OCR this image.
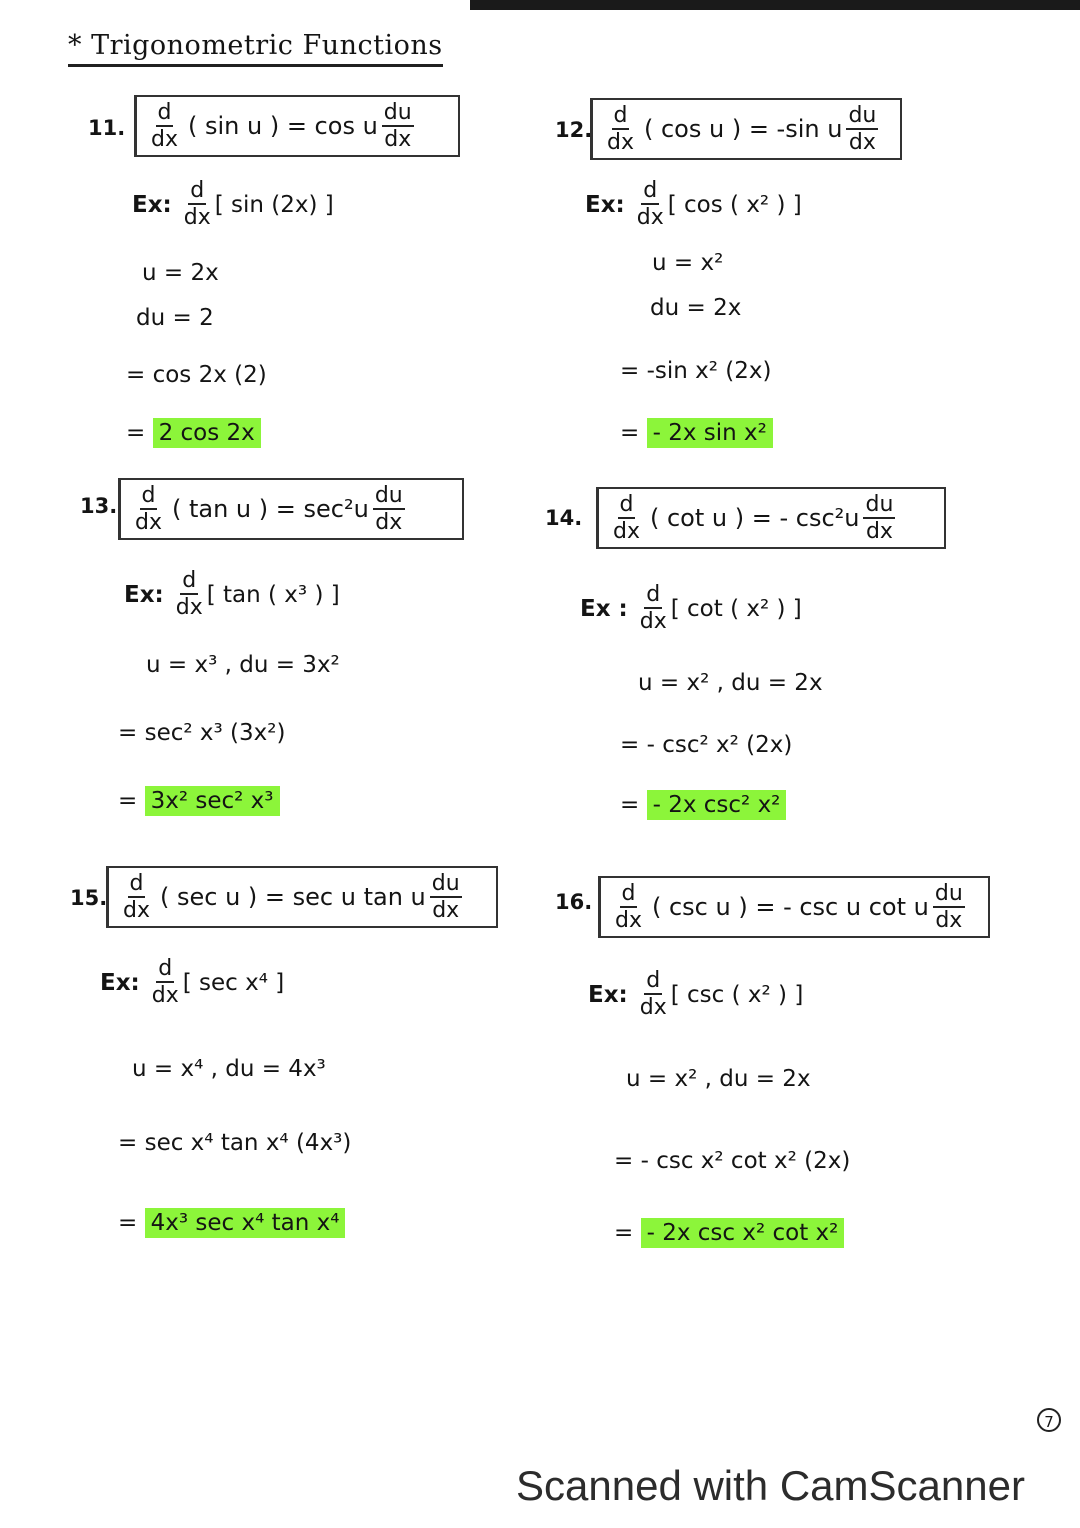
* Trigonometric Functions
11. $\frac{d}{dx}$ ( sin u ) = cos u $\frac{du}{dx}$
Ex: $\frac{d}{dx}$ [ sin (2x) ]
u = 2x
du = 2
= cos 2x (2)
= 2 cos 2x
12. $\frac{d}{dx}$ ( cos u ) = -sin u $\frac{du}{dx}$
Ex: $\frac{d}{dx}$ [ cos ( x² ) ]
u = x²
du = 2x
= -sin x² (2x)
= - 2x sin x²
13. $\frac{d}{dx}$ ( tan u ) = $\sec^2u \frac{du}{dx}$
Ex: $\frac{d}{dx}$ [ tan ( x³ ) ]
u = x³ , du = 3x²
= sec² x³ (3x²)
= 3x² sec² x³
14. $\frac{d}{dx}$ ( cot u ) = - $\csc^2u \frac{du}{dx}$
Ex : $\frac{d}{dx}$ [ cot ( x² ) ]
u = x² , du = 2x
= - csc² x² (2x)
= - 2x csc² x²
15. $\frac{d}{dx}$ ( sec u ) = sec u tan u $\frac{du}{dx}$
Ex: $\frac{d}{dx}$ [ sec x⁴ ]
u = x⁴ , du = 4x³
= sec x⁴ tan x⁴ (4x³)
= 4x³ sec x⁴ tan x⁴
16. $\frac{d}{dx}$ ( csc u ) = - csc u cot u $\frac{du}{dx}$
Ex: $\frac{d}{dx}$ [ csc ( x² ) ]
u = x² , du = 2x
= - csc x² cot x² (2x)
= - 2x csc x² cot x²
7
Scanned with CamScanner
